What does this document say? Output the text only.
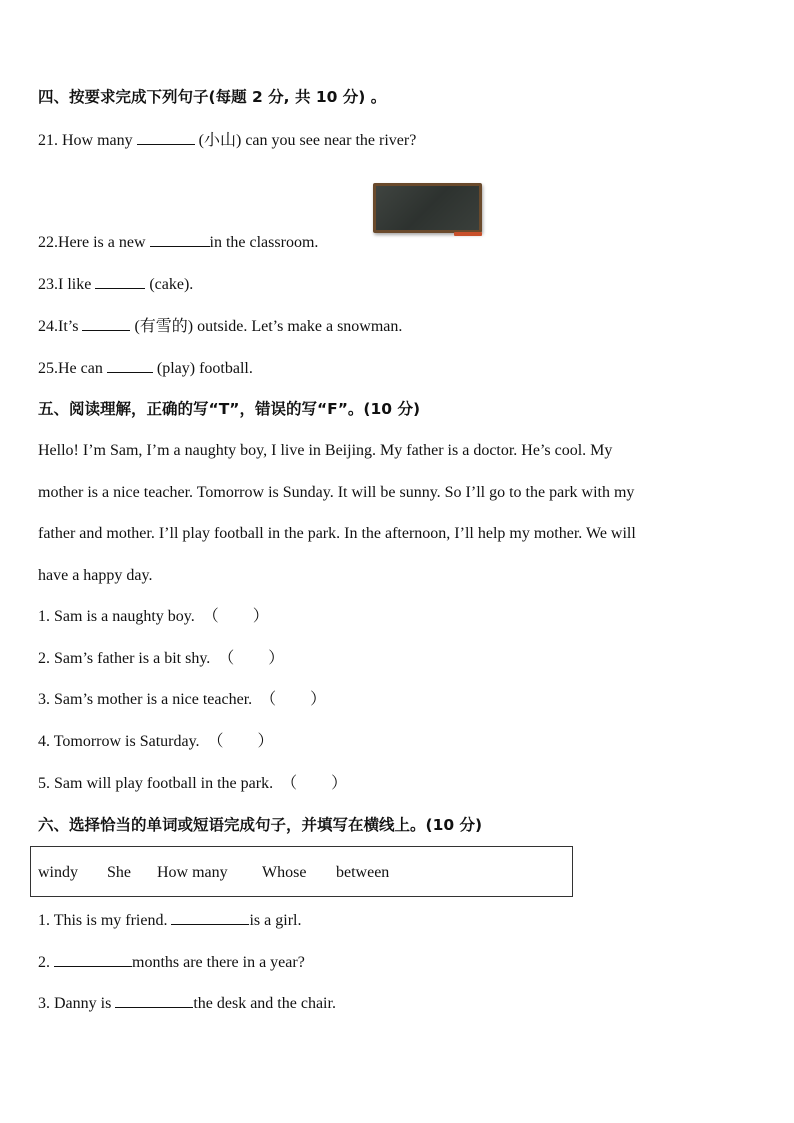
四、按要求完成下列句子(每题 2 分, 共 10 分) 。
21. How many	(小山) can you see near the river?
22.Here is a new	in the classroom.
23.I like	(cake).
24.It’s	(有雪的) outside. Let’s make a snowman.
25.He can	(play) football.
五、阅读理解，正确的写“T”，错误的写“F”。(10 分)
Hello! I’m Sam, I’m a naughty boy, I live in Beijing. My father is a doctor. He’s cool. My
mother is a nice teacher. Tomorrow is Sunday. It will be sunny. So I’ll go to the park with my
father and mother. I’ll play football in the park. In the afternoon, I’ll help my mother. We will
have a happy day.
1. Sam is a naughty boy. （ ）
2. Sam’s father is a bit shy. （ ）
3. Sam’s mother is a nice teacher. （ ）
4. Tomorrow is Saturday. （ ）
5. Sam will play football in the park. （ ）
六、选择恰当的单词或短语完成句子，并填写在横线上。(10 分)
windy She How many Whose between
1. This is my friend.	is a girl.
2.	months are there in a year?
3. Danny is	the desk and the chair.
